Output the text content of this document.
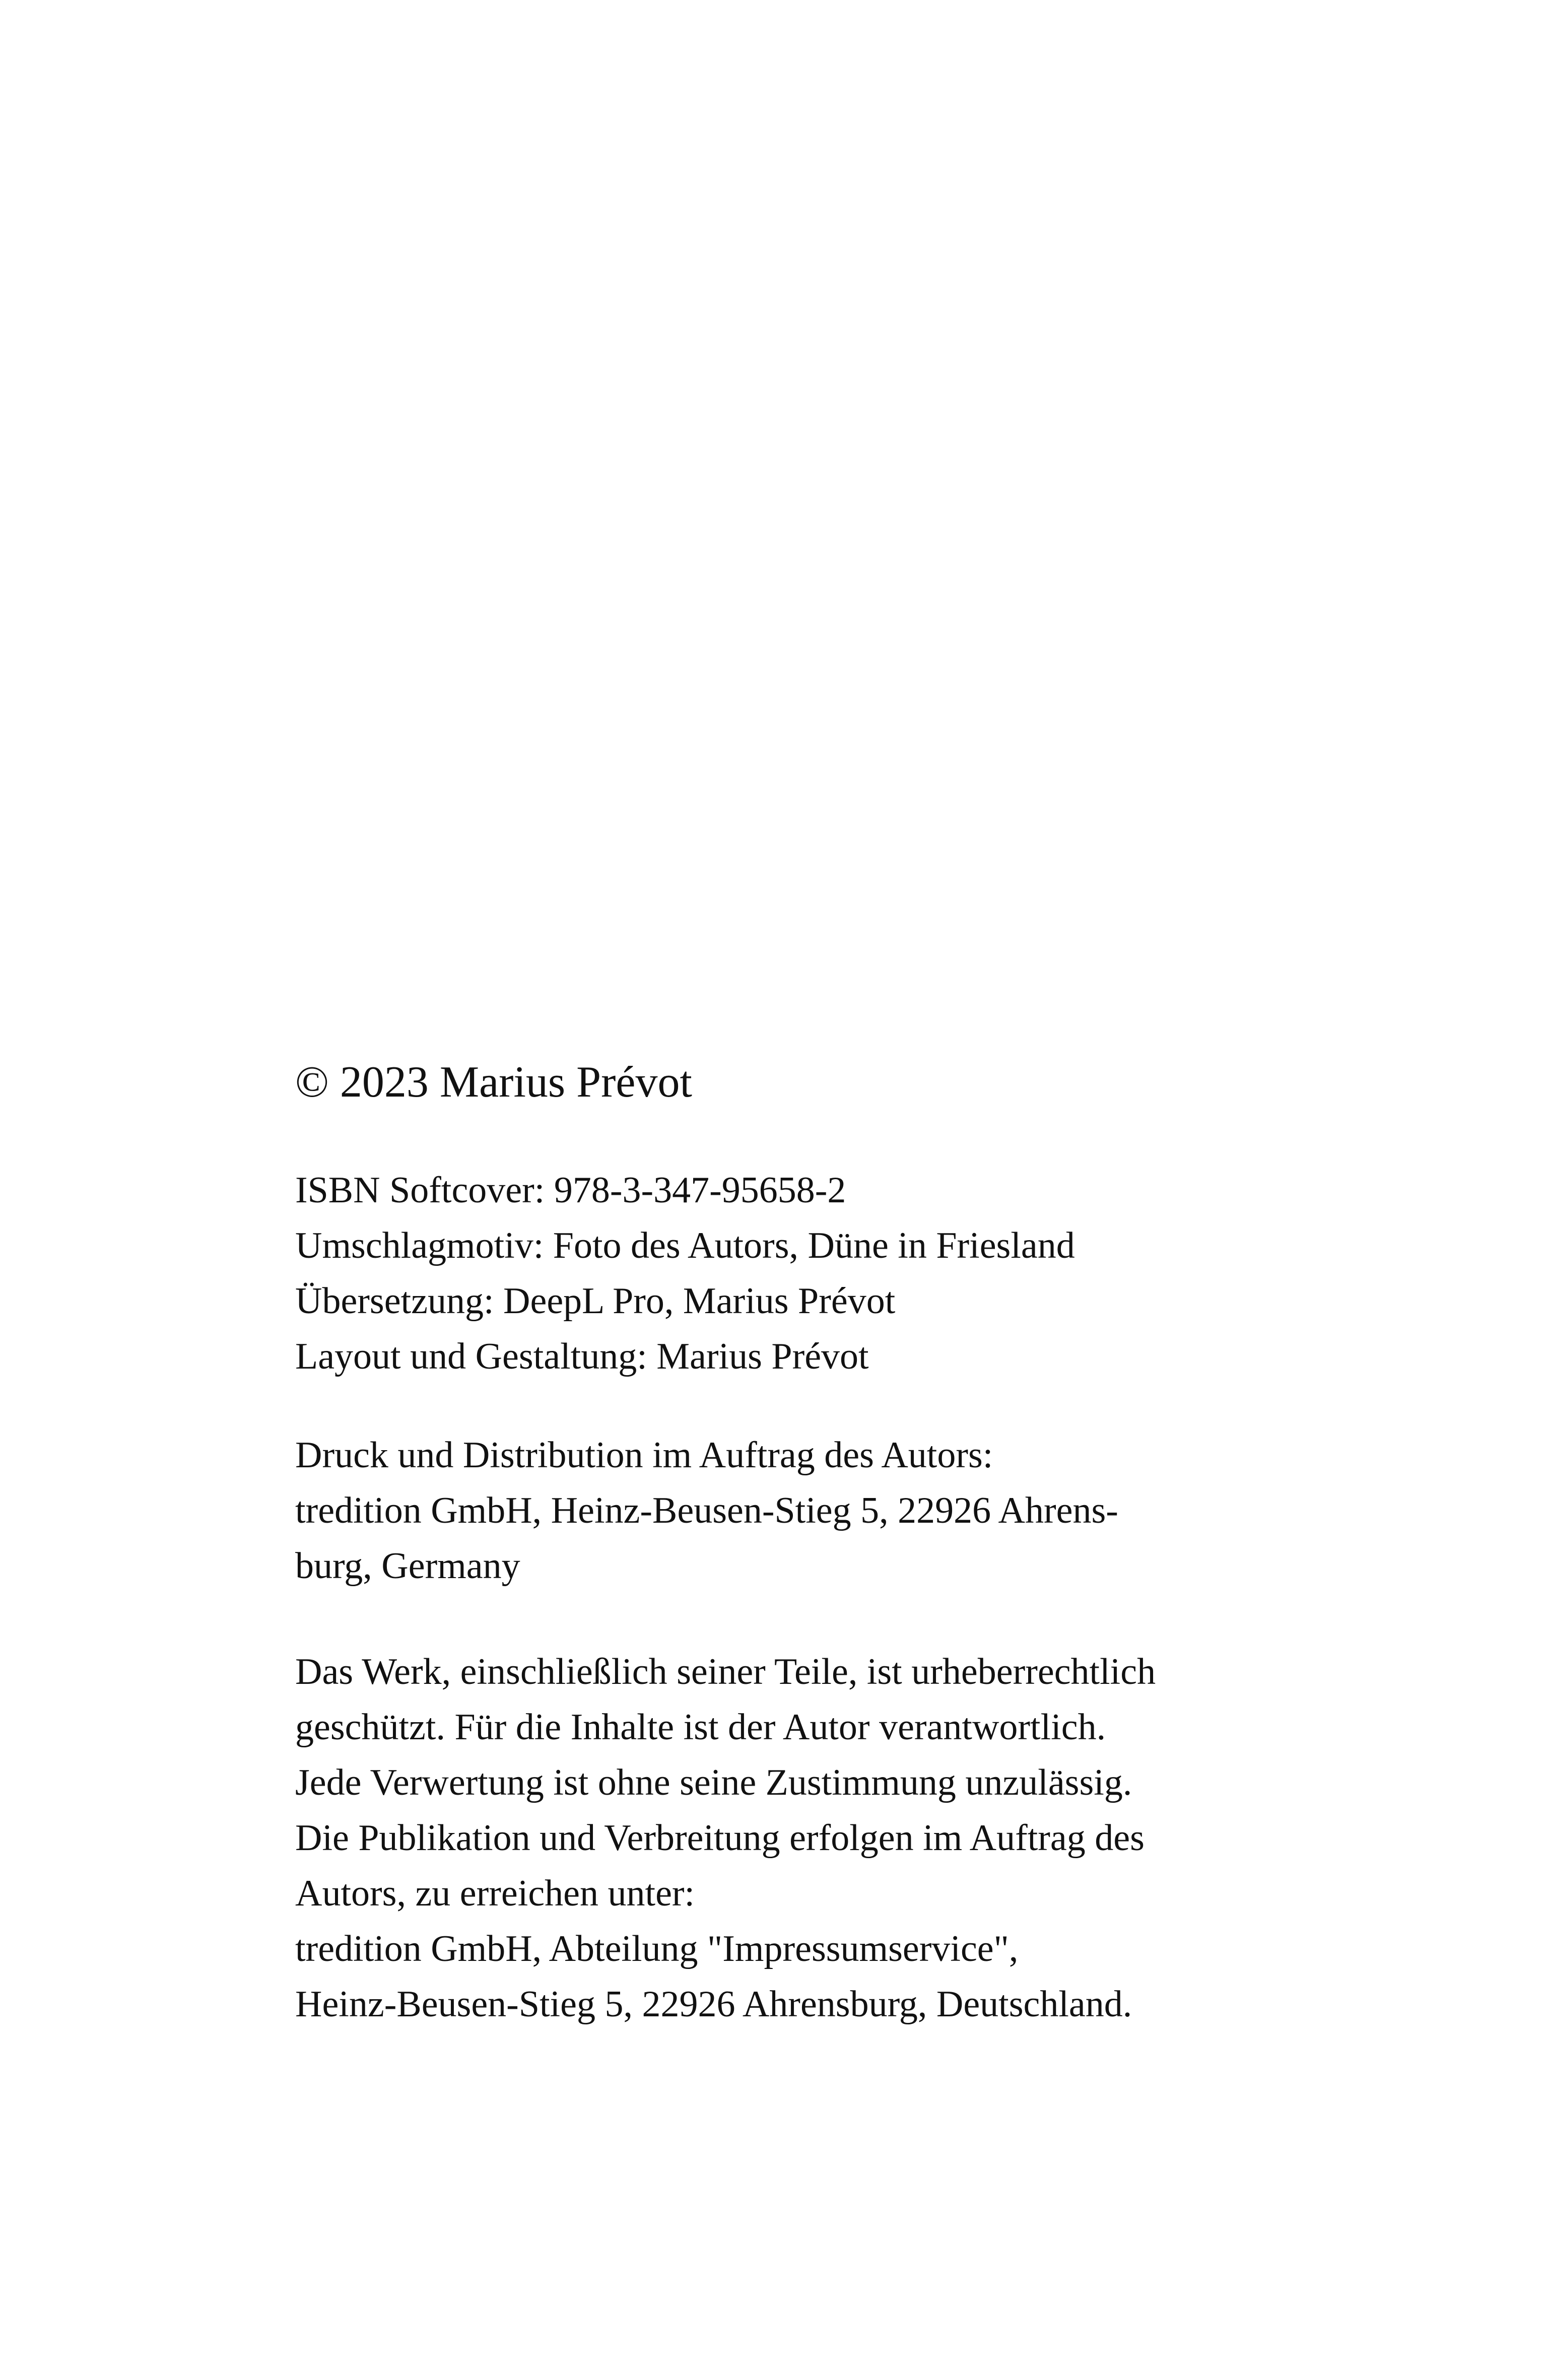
© 2023 Marius Prévot

ISBN Softcover: 978-3-347-95658-2
Umschlagmotiv: Foto des Autors, Düne in Friesland
Übersetzung: DeepL Pro, Marius Prévot
Layout und Gestaltung: Marius Prévot

Druck und Distribution im Auftrag des Autors:
tredition GmbH, Heinz-Beusen-Stieg 5, 22926 Ahrens-
burg, Germany

Das Werk, einschließlich seiner Teile, ist urheberrechtlich
geschützt. Für die Inhalte ist der Autor verantwortlich.
Jede Verwertung ist ohne seine Zustimmung unzulässig.
Die Publikation und Verbreitung erfolgen im Auftrag des
Autors, zu erreichen unter:
tredition GmbH, Abteilung "Impressumservice",
Heinz-Beusen-Stieg 5, 22926 Ahrensburg, Deutschland.
